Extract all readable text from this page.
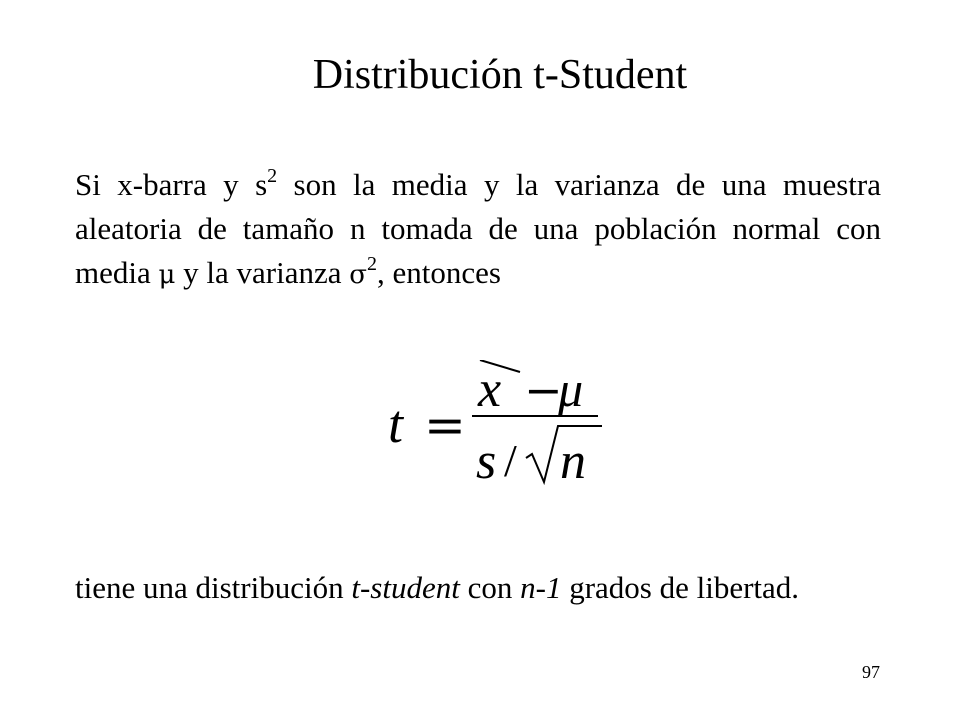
Distribución t-Student
Si x-barra y $s^2$ son la media y la varianza de una muestra aleatoria de tamaño n tomada de una población normal con media μ y la varianza $\sigma^2$, entonces
t =
x −
μ
s / n
tiene una distribución t-student con n-1 grados de libertad.
97
